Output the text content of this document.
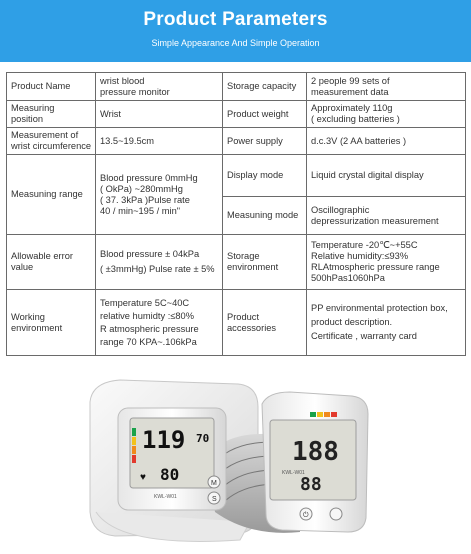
Product Parameters
Simple Appearance And Simple Operation
Product Name	wrist blood
pressure monitor	Storage capacity	2 people 99 sets of
measurement data

Measuring
position	Wrist	Product weight	Approximately 110g
( excluding batteries )

Measurement of
wrist circumference	13.5~19.5cm	Power supply	d.c.3V (2 AA batteries )

Measuning range	Blood pressure 0mmHg
( OkPa) ~280mmHg
( 37. 3kPa )Pulse rate
40 / min~195 / min"	Display mode	Liquid crystal digital display

		Measuning mode	Oscillographic
depressurization measurement

Allowable error
value	Blood pressure ± 04kPa
( ±3mmHg) Pulse rate ± 5%	Storage
environment	Temperature -20℃~+55C
Relative humidity:≤93%
RLAtmospheric pressure range
500hPas1060hPa

Working
environment	Temperature 5C~40C
relative humidty :≤80%
R atmospheric pressure
range 70 KPA~.106kPa	Product
accessories	PP environmental protection box,
product description.
Certificate , warranty card
119
80
70
♥
KWL-W01
M
S
188
88
KWL-W01
⏻
